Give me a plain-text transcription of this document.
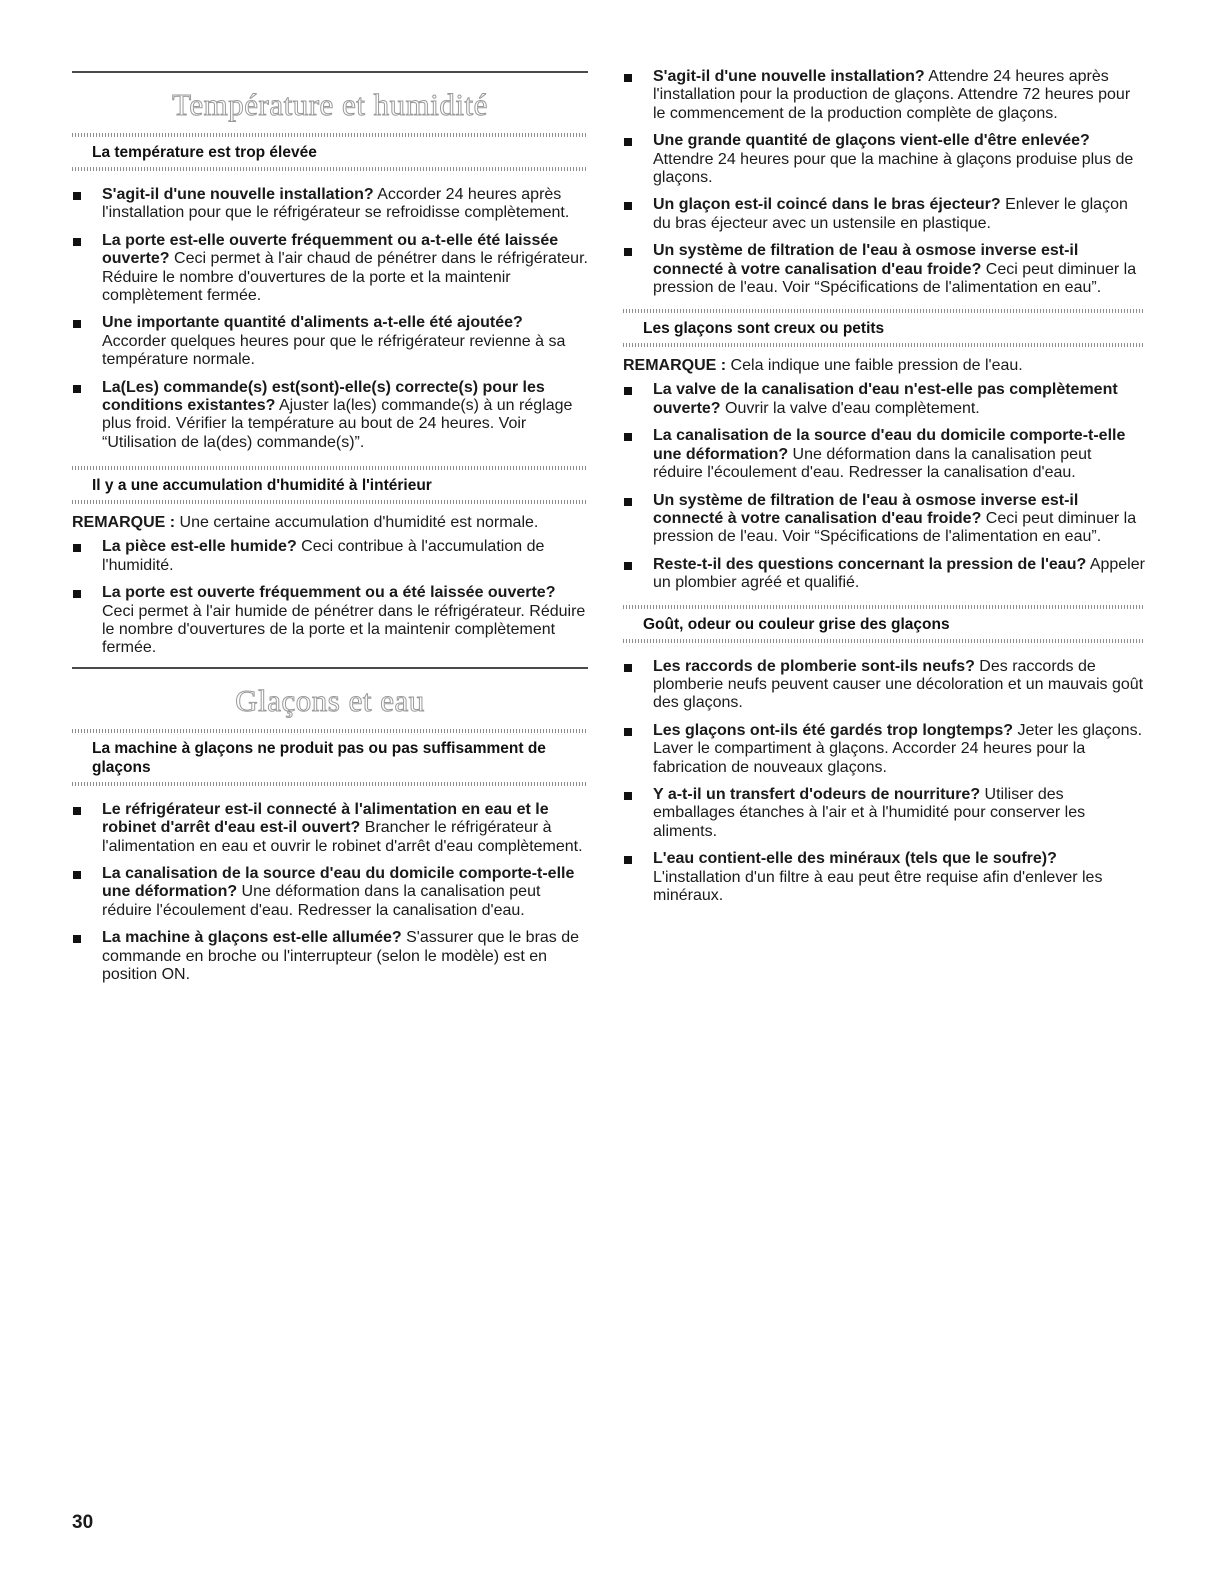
Température et humidité
La température est trop élevée
S'agit-il d'une nouvelle installation? Accorder 24 heures après l'installation pour que le réfrigérateur se refroidisse complètement.
La porte est-elle ouverte fréquemment ou a-t-elle été laissée ouverte? Ceci permet à l'air chaud de pénétrer dans le réfrigérateur. Réduire le nombre d'ouvertures de la porte et la maintenir complètement fermée.
Une importante quantité d'aliments a-t-elle été ajoutée? Accorder quelques heures pour que le réfrigérateur revienne à sa température normale.
La(Les) commande(s) est(sont)-elle(s) correcte(s) pour les conditions existantes? Ajuster la(les) commande(s) à un réglage plus froid. Vérifier la température au bout de 24 heures. Voir “Utilisation de la(des) commande(s)”.
Il y a une accumulation d'humidité à l'intérieur
REMARQUE : Une certaine accumulation d'humidité est normale.
La pièce est-elle humide? Ceci contribue à l'accumulation de l'humidité.
La porte est ouverte fréquemment ou a été laissée ouverte? Ceci permet à l'air humide de pénétrer dans le réfrigérateur. Réduire le nombre d'ouvertures de la porte et la maintenir complètement fermée.
Glaçons et eau
La machine à glaçons ne produit pas ou pas suffisamment de glaçons
Le réfrigérateur est-il connecté à l'alimentation en eau et le robinet d'arrêt d'eau est-il ouvert? Brancher le réfrigérateur à l'alimentation en eau et ouvrir le robinet d'arrêt d'eau complètement.
La canalisation de la source d'eau du domicile comporte-t-elle une déformation? Une déformation dans la canalisation peut réduire l'écoulement d'eau. Redresser la canalisation d'eau.
La machine à glaçons est-elle allumée? S'assurer que le bras de commande en broche ou l'interrupteur (selon le modèle) est en position ON.
S'agit-il d'une nouvelle installation? Attendre 24 heures après l'installation pour la production de glaçons. Attendre 72 heures pour le commencement de la production complète de glaçons.
Une grande quantité de glaçons vient-elle d'être enlevée? Attendre 24 heures pour que la machine à glaçons produise plus de glaçons.
Un glaçon est-il coincé dans le bras éjecteur? Enlever le glaçon du bras éjecteur avec un ustensile en plastique.
Un système de filtration de l'eau à osmose inverse est-il connecté à votre canalisation d'eau froide? Ceci peut diminuer la pression de l'eau. Voir “Spécifications de l'alimentation en eau”.
Les glaçons sont creux ou petits
REMARQUE : Cela indique une faible pression de l'eau.
La valve de la canalisation d'eau n'est-elle pas complètement ouverte? Ouvrir la valve d'eau complètement.
La canalisation de la source d'eau du domicile comporte-t-elle une déformation? Une déformation dans la canalisation peut réduire l'écoulement d'eau. Redresser la canalisation d'eau.
Un système de filtration de l'eau à osmose inverse est-il connecté à votre canalisation d'eau froide? Ceci peut diminuer la pression de l'eau. Voir “Spécifications de l'alimentation en eau”.
Reste-t-il des questions concernant la pression de l'eau? Appeler un plombier agréé et qualifié.
Goût, odeur ou couleur grise des glaçons
Les raccords de plomberie sont-ils neufs? Des raccords de plomberie neufs peuvent causer une décoloration et un mauvais goût des glaçons.
Les glaçons ont-ils été gardés trop longtemps? Jeter les glaçons. Laver le compartiment à glaçons. Accorder 24 heures pour la fabrication de nouveaux glaçons.
Y a-t-il un transfert d'odeurs de nourriture? Utiliser des emballages étanches à l'air et à l'humidité pour conserver les aliments.
L'eau contient-elle des minéraux (tels que le soufre)? L'installation d'un filtre à eau peut être requise afin d'enlever les minéraux.
30
